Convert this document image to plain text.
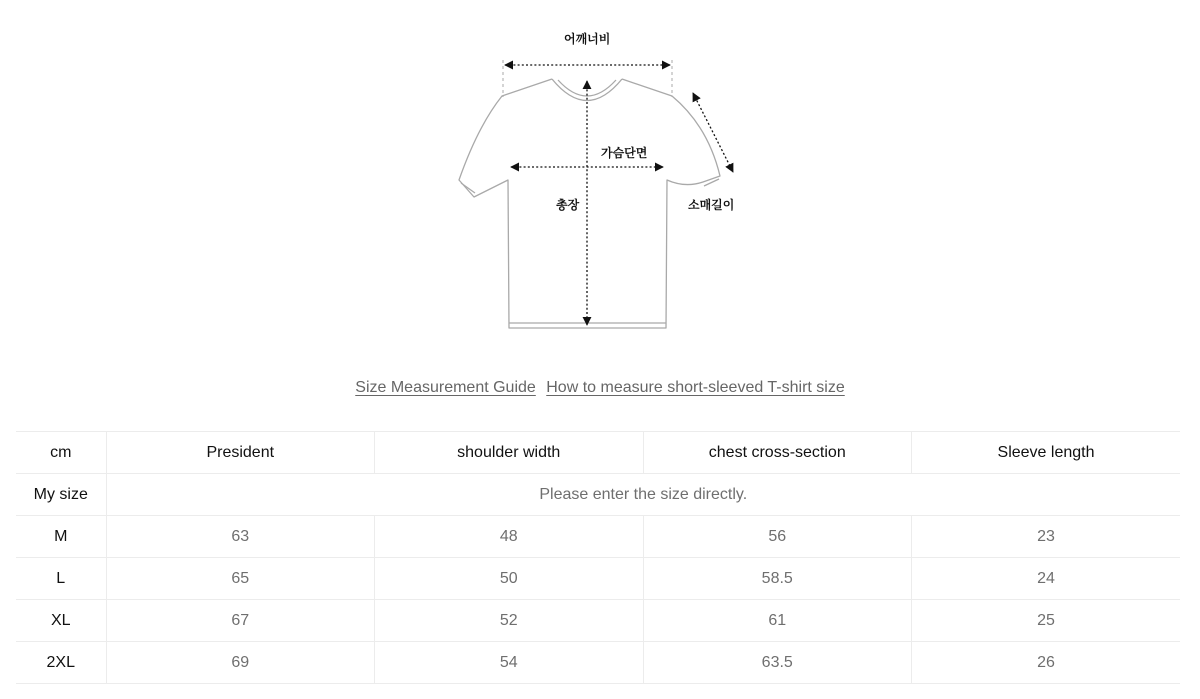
어깨너비
가슴단면
총장	소매길이
Size Measurement Guide How to measure short-sleeved T-shirt size
cm	President	shoulder width	chest cross-section	Sleeve length
My size	Please enter the size directly.			
M	63	48	56	23
L	65	50	58.5	24
XL	67	52	61	25
2XL	69	54	63.5	26
